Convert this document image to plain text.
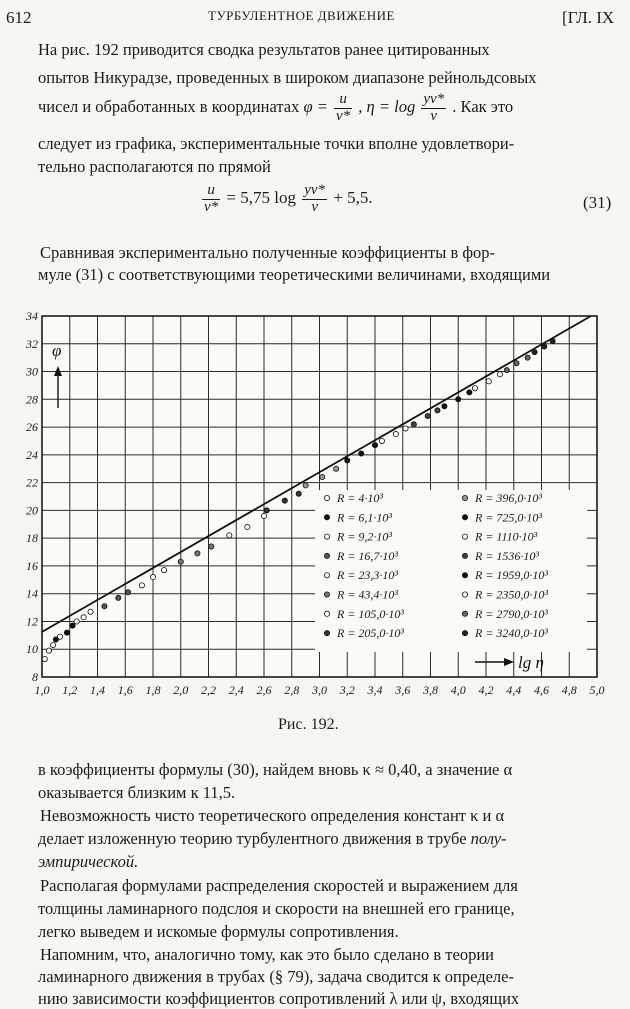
612	ТУРБУЛЕНТНОЕ ДВИЖЕНИЕ	[ГЛ. IX
На рис. 192 приводится сводка результатов ранее цитированных
опытов Никурадзе, проведенных в широком диапазоне рейнольдсовых
чисел и обработанных в координатах $\varphi = \frac{u}{v*}$ , $\eta = \log \frac{yv*}{\nu}$ . Как это
следует из графика, экспериментальные точки вполне удовлетвори-
тельно располагаются по прямой
$\frac{u}{v*} = 5,75$ $\log \frac{yv*}{\nu} + 5,5$.	(31)
Сравнивая экспериментально полученные коэффициенты в фор-
муле (31) с соответствующими теоретическими величинами, входящими
1,0 1,2 1,4 1,6 1,8 2,0 2,2 2,4 2,6 2,8 3,0 3,2 3,4 3,6 3,8 4,0 4,2 4,4 4,6 4,8 5,0
8
10
12
14
16
18
20
22
24
26
28
30
32
34
R = 4·10³
R = 6,1·10³
R = 9,2·10³
R = 16,7·10³
R = 23,3·10³
R = 43,4·10³
R = 105,0·10³
R = 205,0·10³
R = 396,0·10³
R = 725,0·10³
R = 1110·10³
R = 1536·10³
R = 1959,0·10³
R = 2350,0·10³
R = 2790,0·10³
R = 3240,0·10³
φ
lg η
Рис. 192.
в коэффициенты формулы (30), найдем вновь κ ≈ 0,40, а значение α
оказывается близким к 11,5.
Невозможность чисто теоретического определения констант κ и α
делает изложенную теорию турбулентного движения в трубе полу-
эмпирической.
Располагая формулами распределения скоростей и выражением для
толщины ламинарного подслоя и скорости на внешней его границе,
легко выведем и искомые формулы сопротивления.
Напомним, что, аналогично тому, как это было сделано в теории
ламинарного движения в трубах (§ 79), задача сводится к определе-
нию зависимости коэффициентов сопротивлений λ или ψ, входящих
